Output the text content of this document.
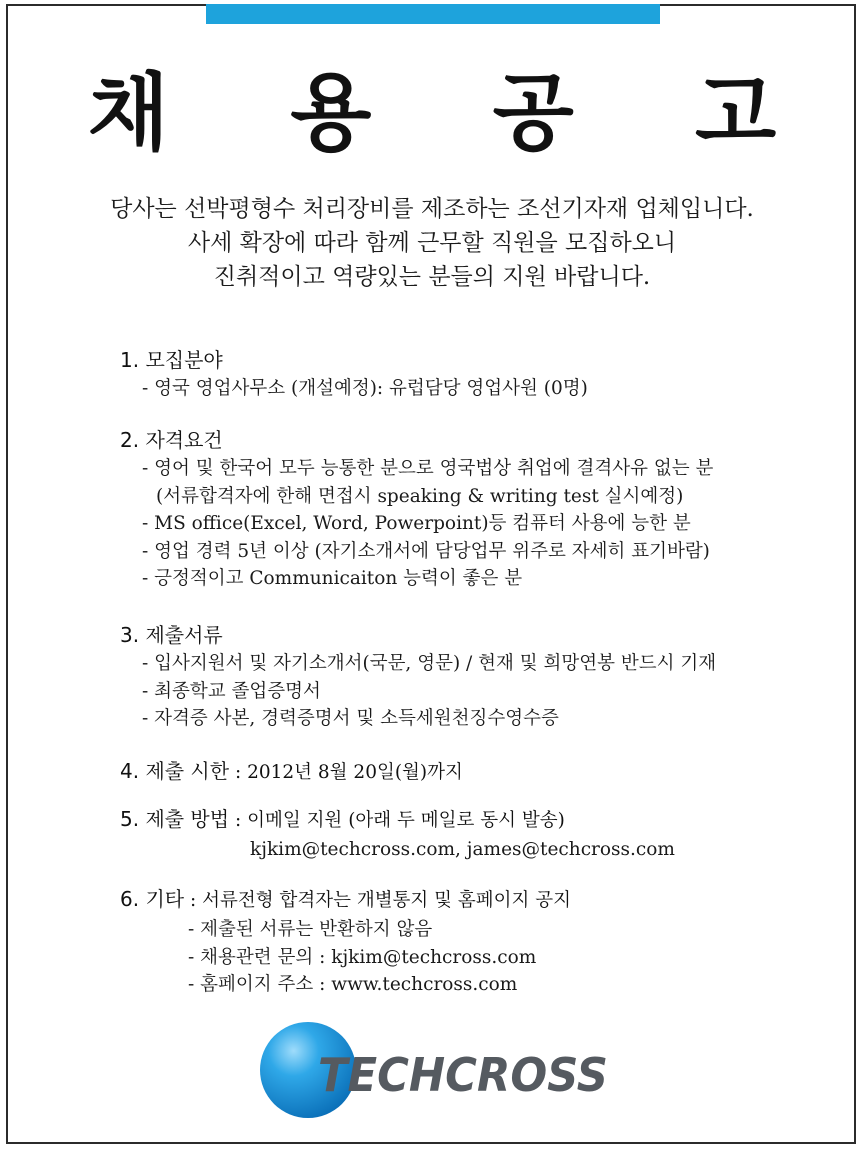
채 용 공 고
당사는 선박평형수 처리장비를 제조하는 조선기자재 업체입니다.
사세 확장에 따라 함께 근무할 직원을 모집하오니
진취적이고 역량있는 분들의 지원 바랍니다.
1. 모집분야
- 영국 영업사무소 (개설예정): 유럽담당 영업사원 (0명)
2. 자격요건
- 영어 및 한국어 모두 능통한 분으로 영국법상 취업에 결격사유 없는 분
(서류합격자에 한해 면접시 speaking & writing test 실시예정)
- MS office(Excel, Word, Powerpoint)등 컴퓨터 사용에 능한 분
- 영업 경력 5년 이상 (자기소개서에 담당업무 위주로 자세히 표기바람)
- 긍정적이고 Communicaiton 능력이 좋은 분
3. 제출서류
- 입사지원서 및 자기소개서(국문, 영문) / 현재 및 희망연봉 반드시 기재
- 최종학교 졸업증명서
- 자격증 사본, 경력증명서 및 소득세원천징수영수증
4. 제출 시한 : 2012년 8월 20일(월)까지
5. 제출 방법 : 이메일 지원 (아래 두 메일로 동시 발송)
kjkim@techcross.com, james@techcross.com
6. 기타 : 서류전형 합격자는 개별통지 및 홈페이지 공지
- 제출된 서류는 반환하지 않음
- 채용관련 문의 : kjkim@techcross.com
- 홈페이지 주소 : www.techcross.com
TECHCROSS
